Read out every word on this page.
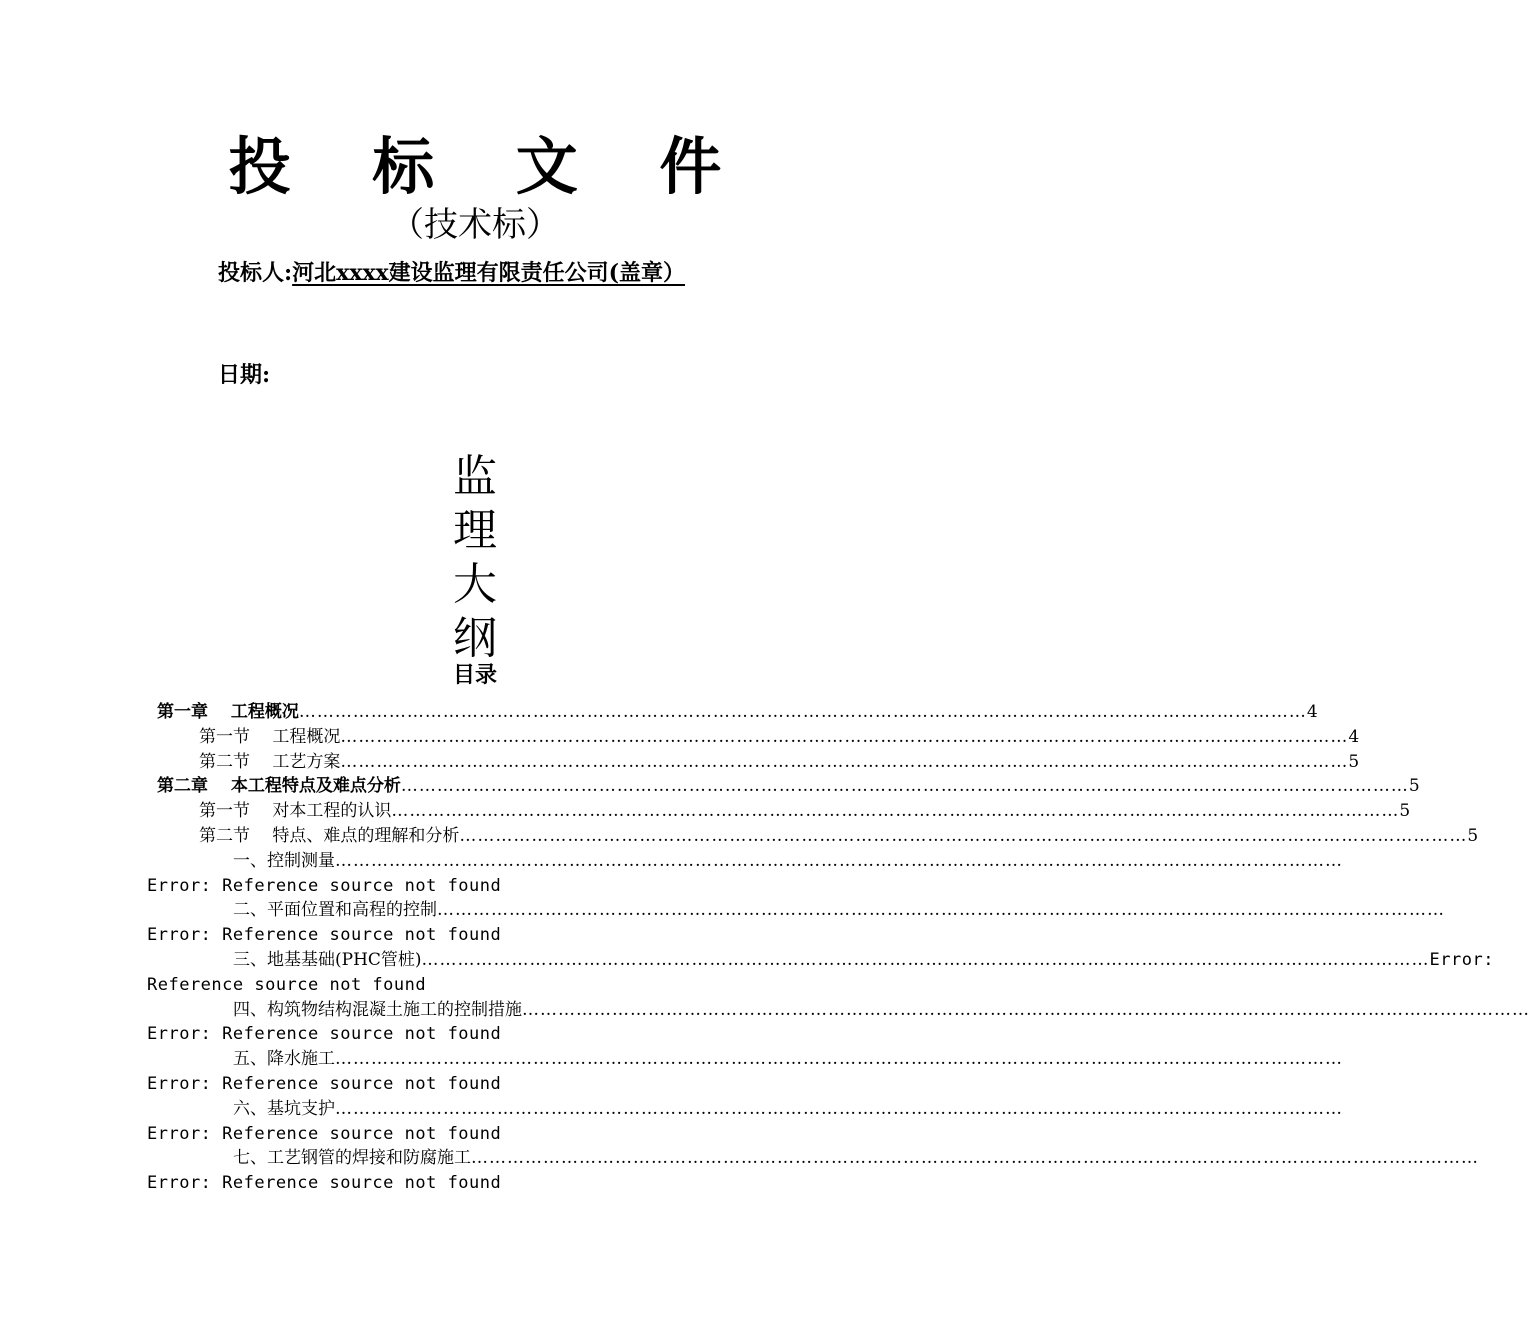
投 标 文 件
（技术标）
投标人:河北xxxx建设监理有限责任公司(盖章）
日期:
监
理
大
纲
目录
第一章　 工程概况 …………………………………………………………………………………………………………………………………………………… 4
第一节　 工程概况 …………………………………………………………………………………………………………………………………………………… 4
第二节　 工艺方案 …………………………………………………………………………………………………………………………………………………… 5
第二章　 本工程特点及难点分析 …………………………………………………………………………………………………………………………………………………… 5
第一节　 对本工程的认识 …………………………………………………………………………………………………………………………………………………… 5
第二节　 特点、难点的理解和分析 …………………………………………………………………………………………………………………………………………………… 5
一、控制测量 ……………………………………………………………………………………………………………………………………………………
Error: Reference source not found
二、平面位置和高程的控制 ……………………………………………………………………………………………………………………………………………………
Error: Reference source not found
三、地基基础(PHC管桩) …………………………………………………………………………………………………………………………………………………… Error:
Reference source not found
四、构筑物结构混凝土施工的控制措施 ……………………………………………………………………………………………………………………………………………………
Error: Reference source not found
五、降水施工 ……………………………………………………………………………………………………………………………………………………
Error: Reference source not found
六、基坑支护 ……………………………………………………………………………………………………………………………………………………
Error: Reference source not found
七、工艺钢管的焊接和防腐施工 ……………………………………………………………………………………………………………………………………………………
Error: Reference source not found
